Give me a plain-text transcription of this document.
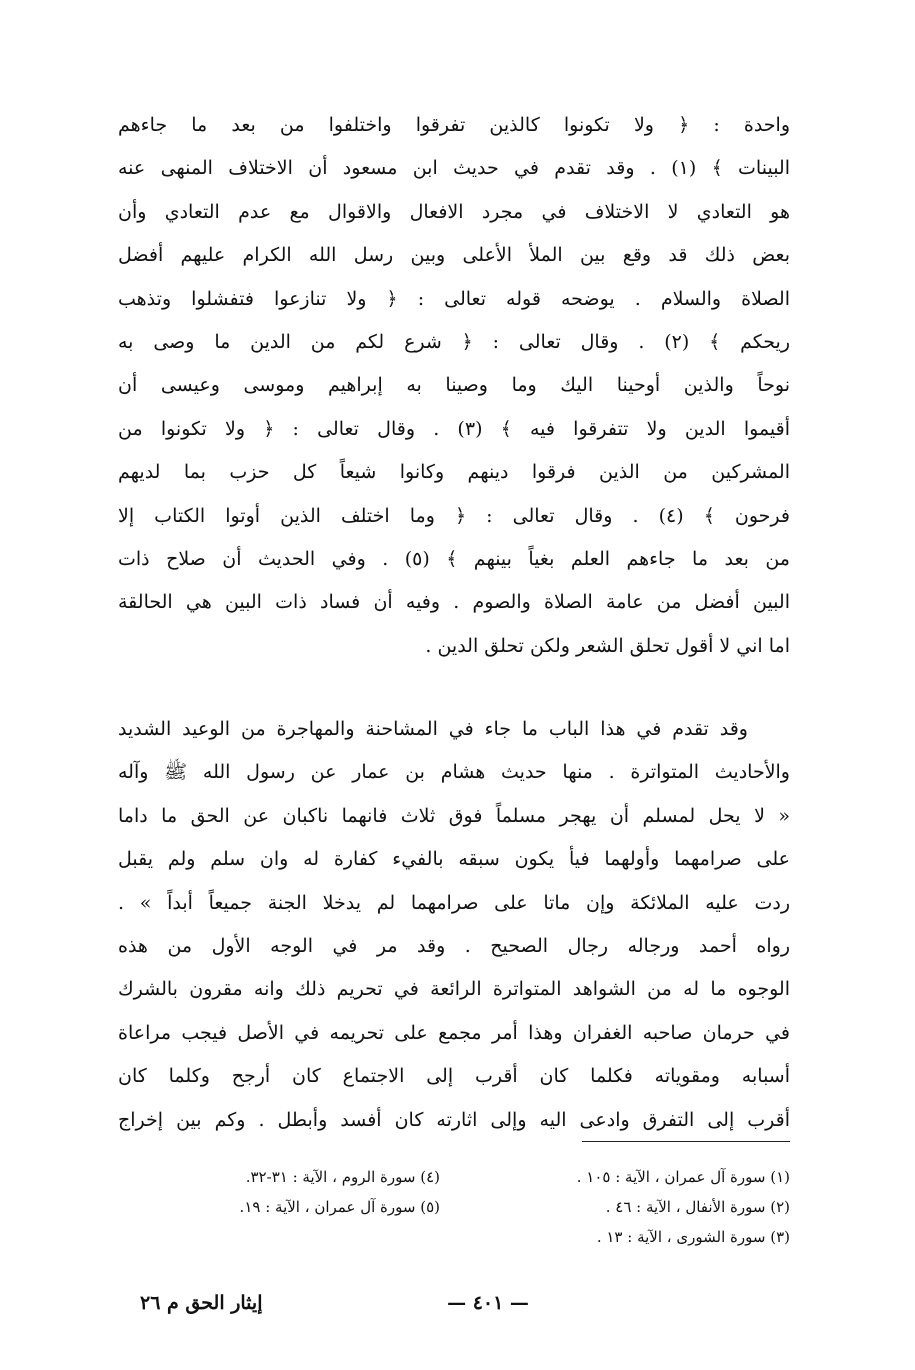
واحدة : ﴿ ولا تكونوا كالذين تفرقوا واختلفوا من بعد ما جاءهم
البينات ﴾ (١) . وقد تقدم في حديث ابن مسعود أن الاختلاف المنهى عنه
هو التعادي لا الاختلاف في مجرد الافعال والاقوال مع عدم التعادي وأن
بعض ذلك قد وقع بين الملأ الأعلى وبين رسل الله الكرام عليهم أفضل
الصلاة والسلام . يوضحه قوله تعالى : ﴿ ولا تنازعوا فتفشلوا وتذهب
ريحكم ﴾ (٢) . وقال تعالى : ﴿ شرع لكم من الدين ما وصى به
نوحاً والذين أوحينا اليك وما وصينا به إبراهيم وموسى وعيسى أن
أقيموا الدين ولا تتفرقوا فيه ﴾ (٣) . وقال تعالى : ﴿ ولا تكونوا من
المشركين من الذين فرقوا دينهم وكانوا شيعاً كل حزب بما لديهم
فرحون ﴾ (٤) . وقال تعالى : ﴿ وما اختلف الذين أوتوا الكتاب إلا
من بعد ما جاءهم العلم بغياً بينهم ﴾ (٥) . وفي الحديث أن صلاح ذات
البين أفضل من عامة الصلاة والصوم . وفيه أن فساد ذات البين هي الحالقة
اما اني لا أقول تحلق الشعر ولكن تحلق الدين .
وقد تقدم في هذا الباب ما جاء في المشاحنة والمهاجرة من الوعيد الشديد
والأحاديث المتواترة . منها حديث هشام بن عمار عن رسول الله ﷺ وآله
« لا يحل لمسلم أن يهجر مسلماً فوق ثلاث فانهما ناكبان عن الحق ما داما
على صرامهما وأولهما فيأ يكون سبقه بالفيء كفارة له وان سلم ولم يقبل
ردت عليه الملائكة وإن ماتا على صرامهما لم يدخلا الجنة جميعاً أبداً » .
رواه أحمد ورجاله رجال الصحيح . وقد مر في الوجه الأول من هذه
الوجوه ما له من الشواهد المتواترة الرائعة في تحريم ذلك وانه مقرون بالشرك
في حرمان صاحبه الغفران وهذا أمر مجمع على تحريمه في الأصل فيجب مراعاة
أسبابه ومقوياته فكلما كان أقرب إلى الاجتماع كان أرجح وكلما كان
أقرب إلى التفرق وادعى اليه وإلى اثارته كان أفسد وأبطل . وكم بين إخراج
(١) سورة آل عمران ، الآية : ١٠٥ .
(٢) سورة الأنفال ، الآية : ٤٦ .
(٣) سورة الشورى ، الآية : ١٣ .
(٤) سورة الروم ، الآية : ٣١-٣٢.
(٥) سورة آل عمران ، الآية : ١٩.
إيثار الحق م ٢٦	— ٤٠١ —
